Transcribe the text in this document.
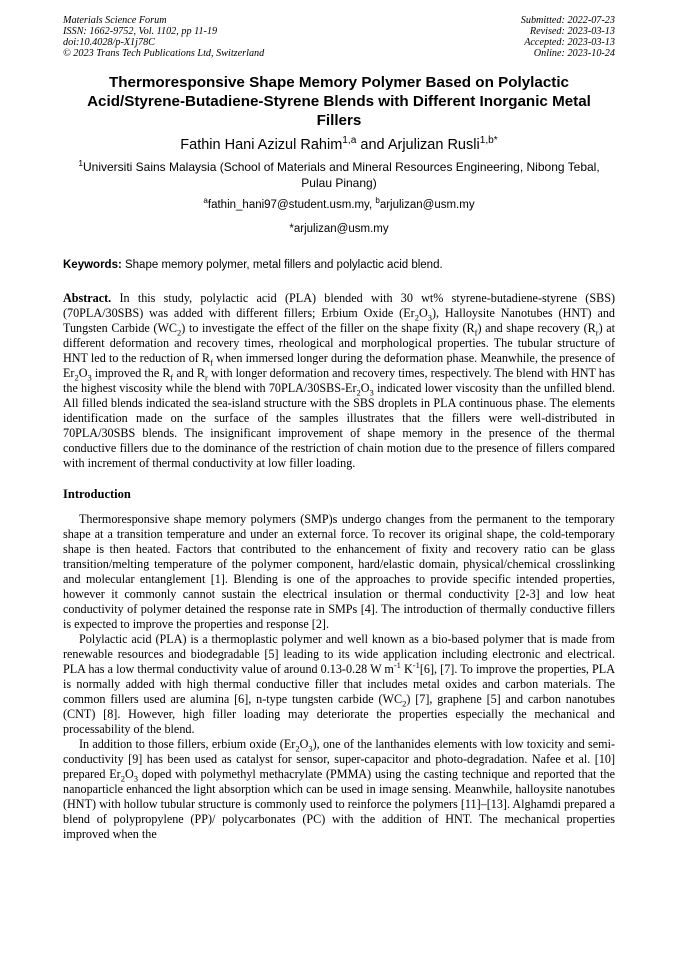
Materials Science Forum
ISSN: 1662-9752, Vol. 1102, pp 11-19
doi:10.4028/p-X1j78C
© 2023 Trans Tech Publications Ltd, Switzerland
Submitted: 2022-07-23
Revised: 2023-03-13
Accepted: 2023-03-13
Online: 2023-10-24
Thermoresponsive Shape Memory Polymer Based on Polylactic Acid/Styrene-Butadiene-Styrene Blends with Different Inorganic Metal Fillers
Fathin Hani Azizul Rahim$^{1,a}$ and Arjulizan Rusli$^{1,b*}$
$^1$Universiti Sains Malaysia (School of Materials and Mineral Resources Engineering, Nibong Tebal, Pulau Pinang)
$^a$fathin_hani97@student.usm.my, $^b$arjulizan@usm.my
*arjulizan@usm.my
Keywords: Shape memory polymer, metal fillers and polylactic acid blend.
Abstract. In this study, polylactic acid (PLA) blended with 30 wt% styrene-butadiene-styrene (SBS) (70PLA/30SBS) was added with different fillers; Erbium Oxide $(Er_2O_3)$, Halloysite Nanotubes (HNT) and Tungsten Carbide $(WC_2)$ to investigate the effect of the filler on the shape fixity $(R_f)$ and shape recovery $(R_r)$ at different deformation and recovery times, rheological and morphological properties. The tubular structure of HNT led to the reduction of $R_f$ when immersed longer during the deformation phase. Meanwhile, the presence of $Er_2O_3$ improved the $R_f$ and $R_r$ with longer deformation and recovery times, respectively. The blend with HNT has the highest viscosity while the blend with $70PLA/30SBS-Er_2O_3$ indicated lower viscosity than the unfilled blend. All filled blends indicated the sea-island structure with the SBS droplets in PLA continuous phase. The elements identification made on the surface of the samples illustrates that the fillers were well-distributed in 70PLA/30SBS blends. The insignificant improvement of shape memory in the presence of the thermal conductive fillers due to the dominance of the restriction of chain motion due to the presence of fillers compared with increment of thermal conductivity at low filler loading.
Introduction

Thermoresponsive shape memory polymers (SMP)s undergo changes from the permanent to the temporary shape at a transition temperature and under an external force. To recover its original shape, the cold-temporary shape is then heated. Factors that contributed to the enhancement of fixity and recovery ratio can be glass transition/melting temperature of the polymer component, hard/elastic domain, physical/chemical crosslinking and molecular entanglement [1]. Blending is one of the approaches to provide specific intended properties, however it commonly cannot sustain the electrical insulation or thermal conductivity [2-3] and low heat conductivity of polymer detained the response rate in SMPs [4]. The introduction of thermally conductive fillers is expected to improve the properties and response [2].

Polylactic acid (PLA) is a thermoplastic polymer and well known as a bio-based polymer that is made from renewable resources and biodegradable [5] leading to its wide application including electronic and electrical. PLA has a low thermal conductivity value of around 0.13-0.28 W $m^{-1}$ $K^{-1}[6]$, [7]. To improve the properties, PLA is normally added with high thermal conductive filler that includes metal oxides and carbon materials. The common fillers used are alumina [6], n-type tungsten carbide $(WC_2)$ [7], graphene [5] and carbon nanotubes (CNT) [8]. However, high filler loading may deteriorate the properties especially the mechanical and processability of the blend.

In addition to those fillers, erbium oxide $(Er_2O_3)$, one of the lanthanides elements with low toxicity and semi-conductivity [9] has been used as catalyst for sensor, super-capacitor and photo-degradation. Nafee et al. [10] prepared $Er_2O_3$ doped with polymethyl methacrylate (PMMA) using the casting technique and reported that the nanoparticle enhanced the light absorption which can be used in image sensing. Meanwhile, halloysite nanotubes (HNT) with hollow tubular structure is commonly used to reinforce the polymers [11]–[13]. Alghamdi prepared a blend of polypropylene (PP)/ polycarbonates (PC) with the addition of HNT. The mechanical properties improved when the
